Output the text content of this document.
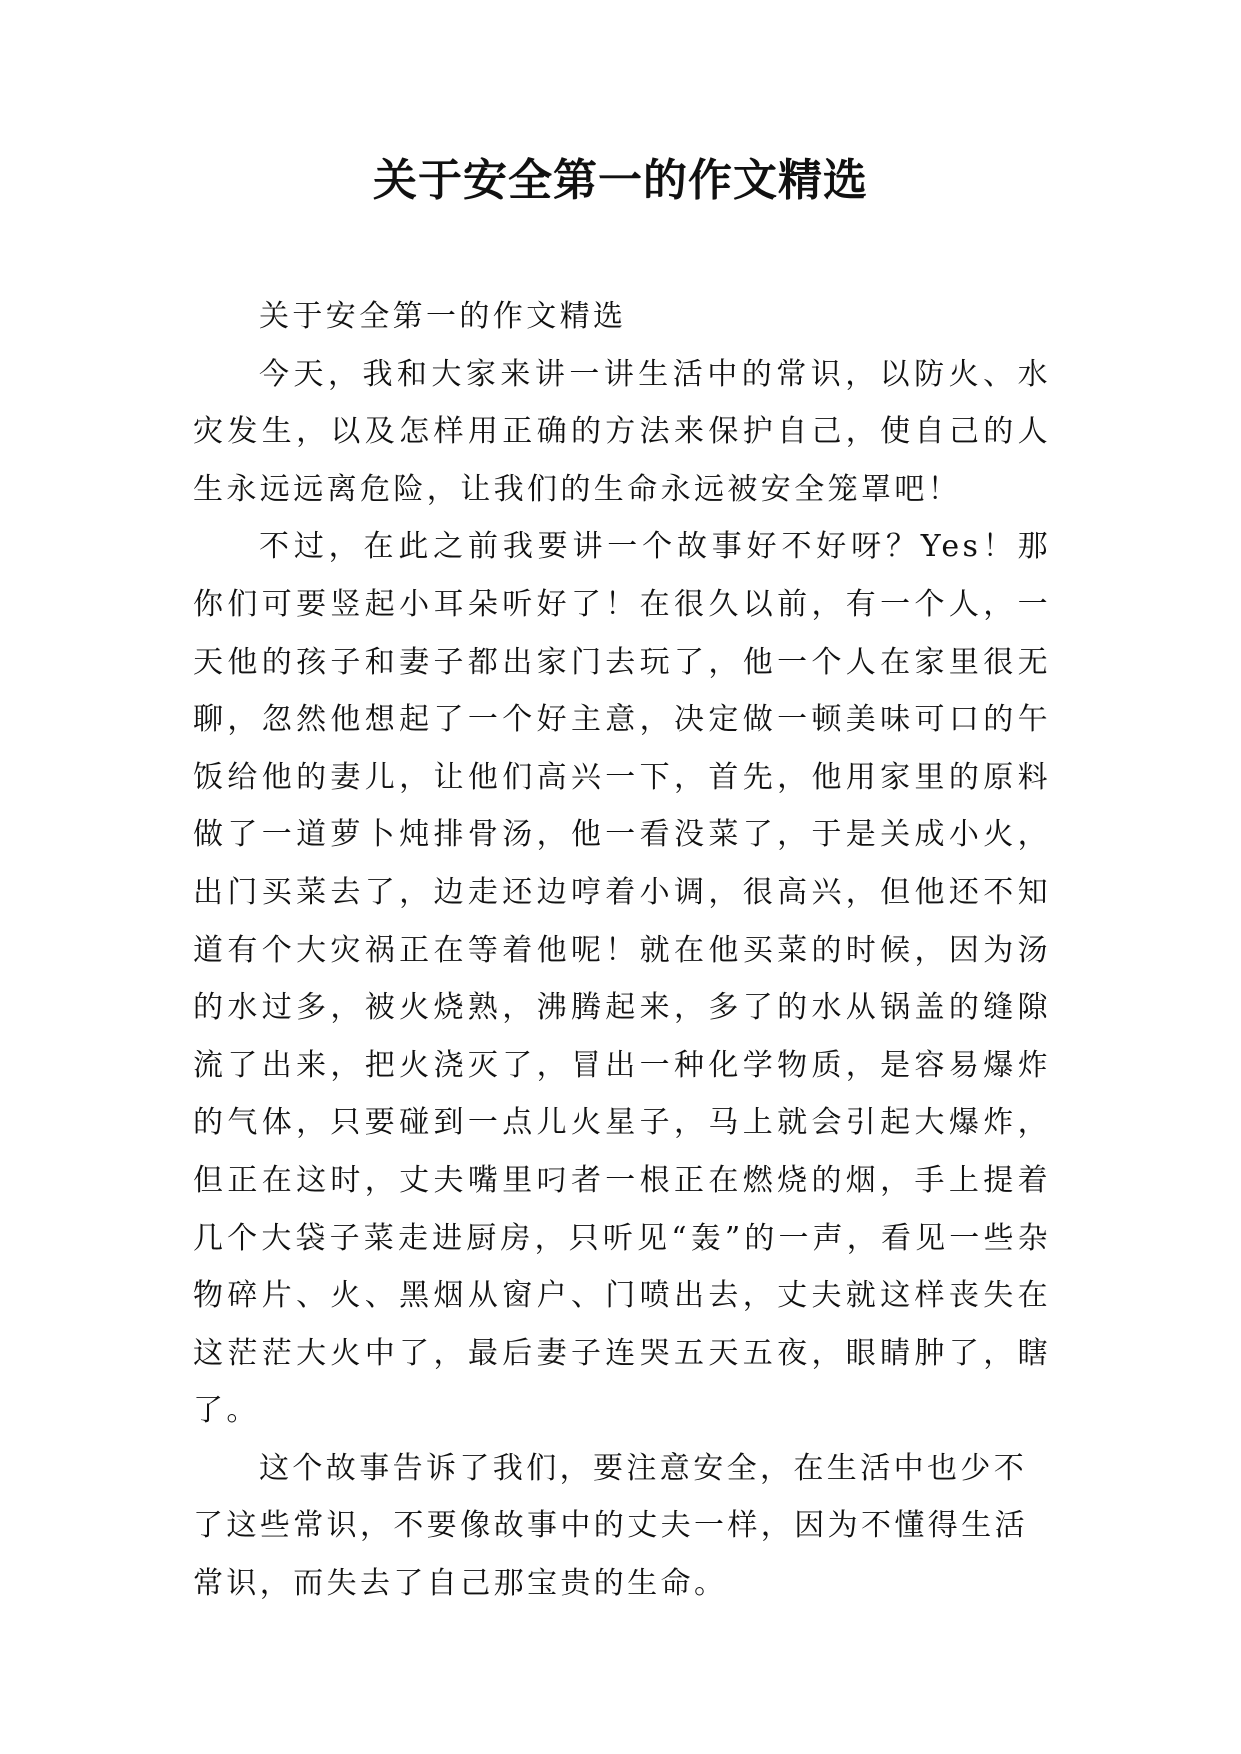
关于安全第一的作文精选

关于安全第一的作文精选

今天，我和大家来讲一讲生活中的常识，以防火、水灾发生，以及怎样用正确的方法来保护自己，使自己的人生永远远离危险，让我们的生命永远被安全笼罩吧！

不过，在此之前我要讲一个故事好不好呀？Yes！那你们可要竖起小耳朵听好了！在很久以前，有一个人，一天他的孩子和妻子都出家门去玩了，他一个人在家里很无聊，忽然他想起了一个好主意，决定做一顿美味可口的午饭给他的妻儿，让他们高兴一下，首先，他用家里的原料做了一道萝卜炖排骨汤，他一看没菜了，于是关成小火，出门买菜去了，边走还边哼着小调，很高兴，但他还不知道有个大灾祸正在等着他呢！就在他买菜的时候，因为汤的水过多，被火烧熟，沸腾起来，多了的水从锅盖的缝隙流了出来，把火浇灭了，冒出一种化学物质，是容易爆炸的气体，只要碰到一点儿火星子，马上就会引起大爆炸，但正在这时，丈夫嘴里叼者一根正在燃烧的烟，手上提着几个大袋子菜走进厨房，只听见“轰”的一声，看见一些杂物碎片、火、黑烟从窗户、门喷出去，丈夫就这样丧失在这茫茫大火中了，最后妻子连哭五天五夜，眼睛肿了，瞎了。

这个故事告诉了我们，要注意安全，在生活中也少不了这些常识，不要像故事中的丈夫一样，因为不懂得生活常识，而失去了自己那宝贵的生命。
